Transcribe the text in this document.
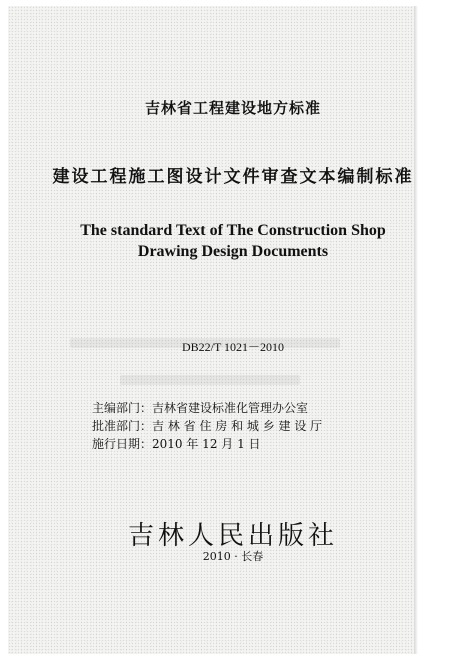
吉林省工程建设地方标准
建设工程施工图设计文件审查文本编制标准
The standard Text of The Construction Shop
Drawing Design Documents
DB22/T 1021－2010
主编部门：吉林省建设标准化管理办公室
批准部门：吉 林 省 住 房 和 城 乡 建 设 厅
施行日期：2010 年 12 月 1 日
吉林人民出版社
2010 · 长春
